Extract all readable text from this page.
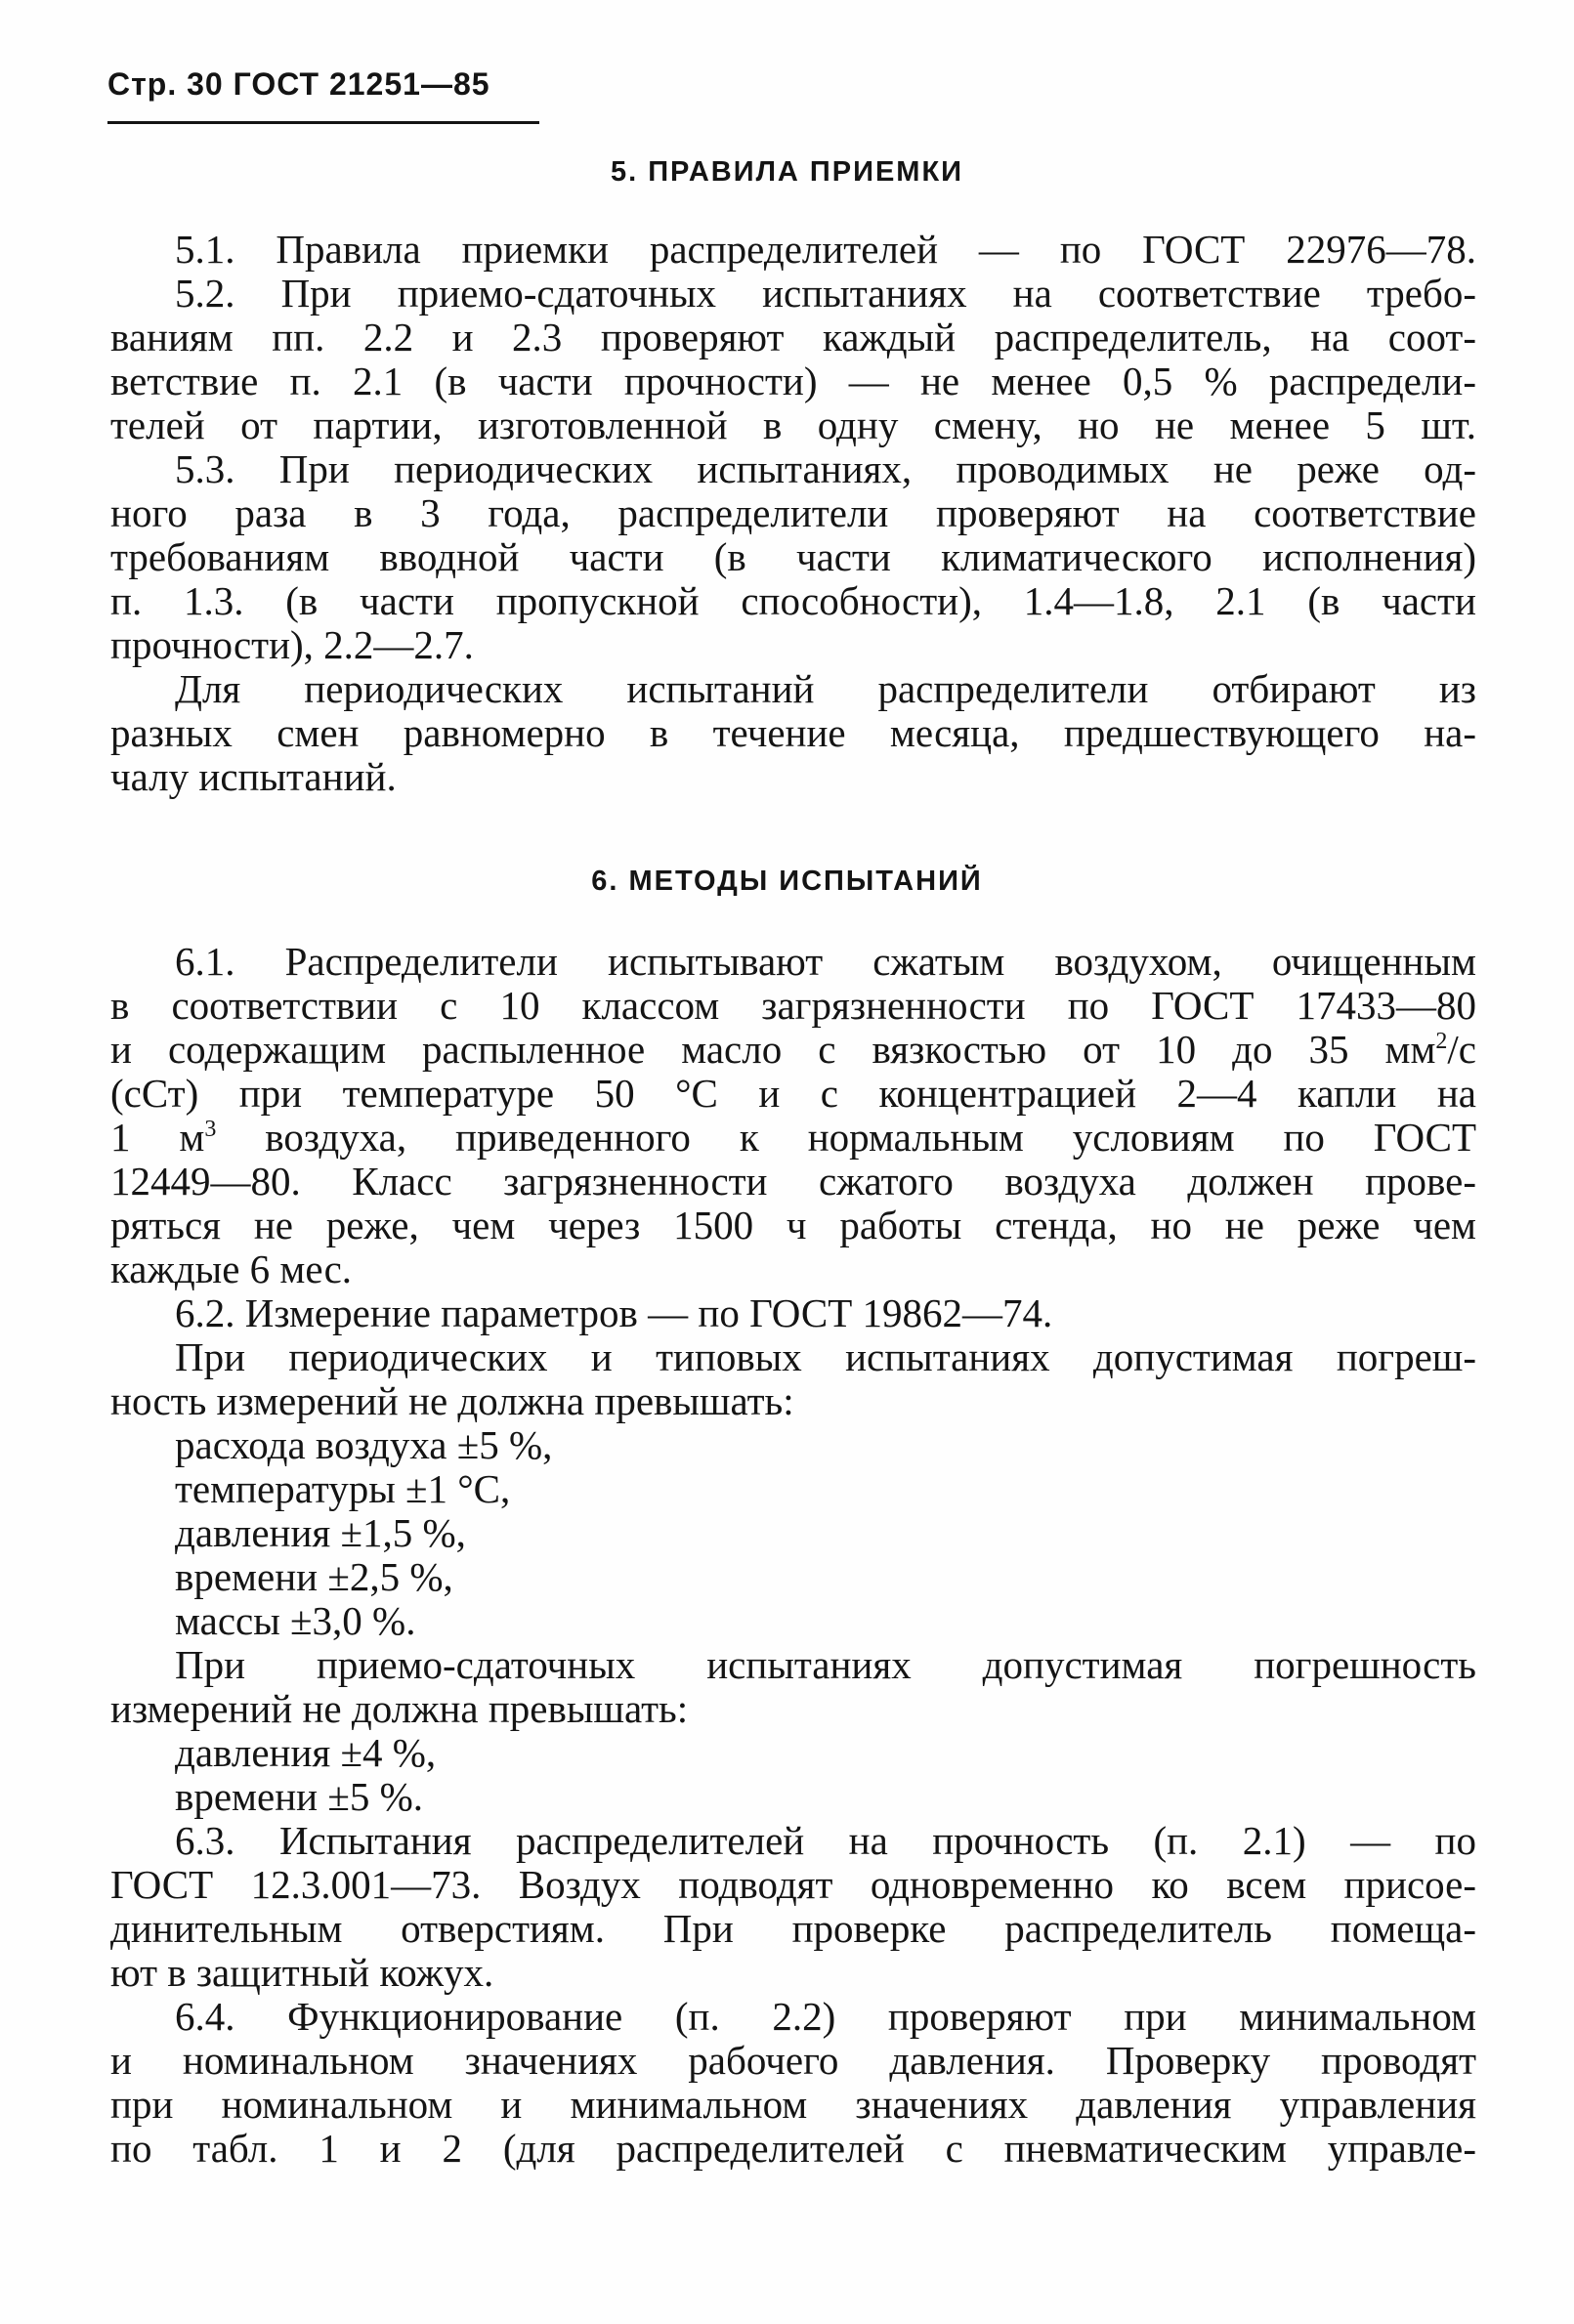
Стр. 30 ГОСТ 21251—85
5. ПРАВИЛА ПРИЕМКИ
5.1. Правила приемки распределителей — по ГОСТ 22976—78.
5.2. При приемо-сдаточных испытаниях на соответствие требо-
ваниям пп. 2.2 и 2.3 проверяют каждый распределитель, на соот-
ветствие п. 2.1 (в части прочности) — не менее 0,5 % распредели-
телей от партии, изготовленной в одну смену, но не менее 5 шт.
5.3. При периодических испытаниях, проводимых не реже од-
ного раза в 3 года, распределители проверяют на соответствие
требованиям вводной части (в части климатического исполнения)
п. 1.3. (в части пропускной способности), 1.4—1.8, 2.1 (в части
прочности), 2.2—2.7.
Для периодических испытаний распределители отбирают из
разных смен равномерно в течение месяца, предшествующего на-
чалу испытаний.
6. МЕТОДЫ ИСПЫТАНИЙ
6.1. Распределители испытывают сжатым воздухом, очищенным
в соответствии с 10 классом загрязненности по ГОСТ 17433—80
и содержащим распыленное масло с вязкостью от 10 до 35 $мм^2/с$
(сСт) при температуре 50 °С и с концентрацией 2—4 капли на
1 $м^3$ воздуха, приведенного к нормальным условиям по ГОСТ
12449—80. Класс загрязненности сжатого воздуха должен прове-
ряться не реже, чем через 1500 ч работы стенда, но не реже чем
каждые 6 мес.
6.2. Измерение параметров — по ГОСТ 19862—74.
При периодических и типовых испытаниях допустимая погреш-
ность измерений не должна превышать:
расхода воздуха ±5 %,
температуры ±1 °С,
давления ±1,5 %,
времени ±2,5 %,
массы ±3,0 %.
При приемо-сдаточных испытаниях допустимая погрешность
измерений не должна превышать:
давления ±4 %,
времени ±5 %.
6.3. Испытания распределителей на прочность (п. 2.1) — по
ГОСТ 12.3.001—73. Воздух подводят одновременно ко всем присое-
динительным отверстиям. При проверке распределитель помеща-
ют в защитный кожух.
6.4. Функционирование (п. 2.2) проверяют при минимальном
и номинальном значениях рабочего давления. Проверку проводят
при номинальном и минимальном значениях давления управления
по табл. 1 и 2 (для распределителей с пневматическим управле-
